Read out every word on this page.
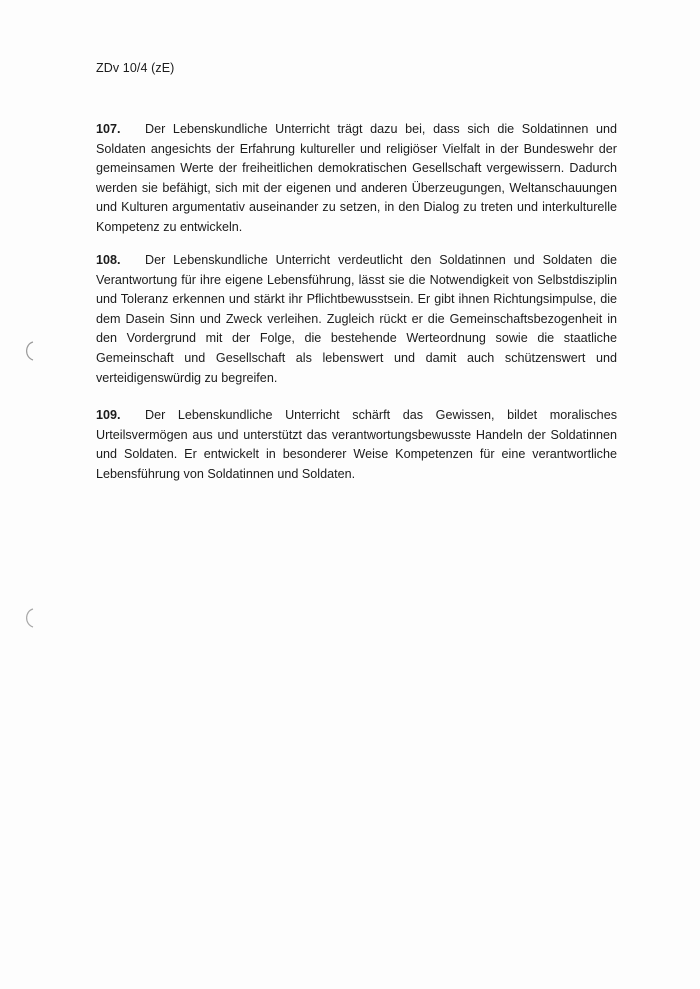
ZDv 10/4 (zE)

107. Der Lebenskundliche Unterricht trägt dazu bei, dass sich die Soldatinnen und Soldaten angesichts der Erfahrung kultureller und religiöser Vielfalt in der Bundeswehr der gemeinsamen Werte der freiheitlichen demokratischen Gesellschaft vergewissern. Dadurch werden sie befähigt, sich mit der eigenen und anderen Überzeugungen, Weltanschauungen und Kulturen argumentativ auseinander zu setzen, in den Dialog zu treten und interkulturelle Kompetenz zu entwickeln.

108. Der Lebenskundliche Unterricht verdeutlicht den Soldatinnen und Soldaten die Verantwortung für ihre eigene Lebensführung, lässt sie die Notwendigkeit von Selbstdisziplin und Toleranz erkennen und stärkt ihr Pflichtbewusstsein. Er gibt ihnen Richtungsimpulse, die dem Dasein Sinn und Zweck verleihen. Zugleich rückt er die Gemeinschaftsbezogenheit in den Vordergrund mit der Folge, die bestehende Werteordnung sowie die staatliche Gemeinschaft und Gesellschaft als lebenswert und damit auch schützenswert und verteidigenswürdig zu begreifen.

109. Der Lebenskundliche Unterricht schärft das Gewissen, bildet moralisches Urteilsvermögen aus und unterstützt das verantwortungsbewusste Handeln der Soldatinnen und Soldaten. Er entwickelt in besonderer Weise Kompetenzen für eine verantwortliche Lebensführung von Soldatinnen und Soldaten.
